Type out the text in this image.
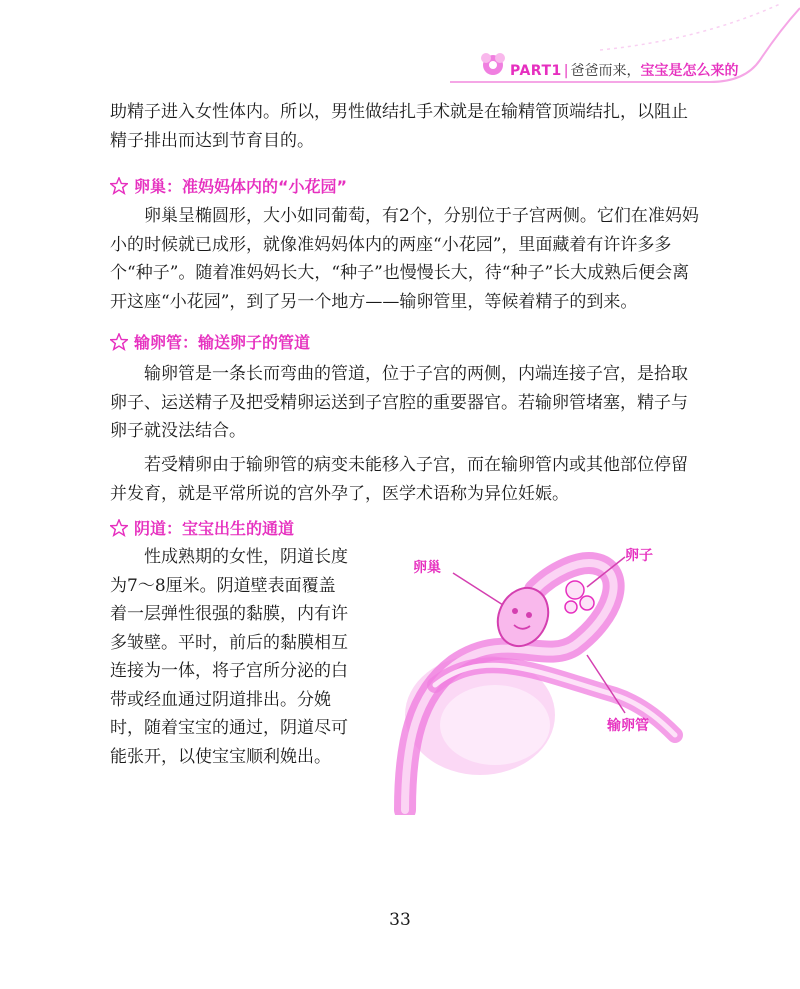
PART1 | 爸爸而来，宝宝是怎么来的

助精子进入女性体内。所以，男性做结扎手术就是在输精管顶端结扎，以阻止精子排出而达到节育目的。

卵巢：准妈妈体内的“小花园”

卵巢呈椭圆形，大小如同葡萄，有2个，分别位于子宫两侧。它们在准妈妈小的时候就已成形，就像准妈妈体内的两座“小花园”，里面藏着有许许多多个“种子”。随着准妈妈长大，“种子”也慢慢长大，待“种子”长大成熟后便会离开这座“小花园”，到了另一个地方——输卵管里，等候着精子的到来。

输卵管：输送卵子的管道

输卵管是一条长而弯曲的管道，位于子宫的两侧，内端连接子宫，是拾取卵子、运送精子及把受精卵运送到子宫腔的重要器官。若输卵管堵塞，精子与卵子就没法结合。

若受精卵由于输卵管的病变未能移入子宫，而在输卵管内或其他部位停留并发育，就是平常所说的宫外孕了，医学术语称为异位妊娠。

阴道：宝宝出生的通道

性成熟期的女性，阴道长度为7～8厘米。阴道壁表面覆盖着一层弹性很强的黏膜，内有许多皱壁。平时，前后的黏膜相互连接为一体，将子宫所分泌的白带或经血通过阴道排出。分娩时，随着宝宝的通过，阴道尽可能张开，以使宝宝顺利娩出。

卵巢
卵子
输卵管
33
